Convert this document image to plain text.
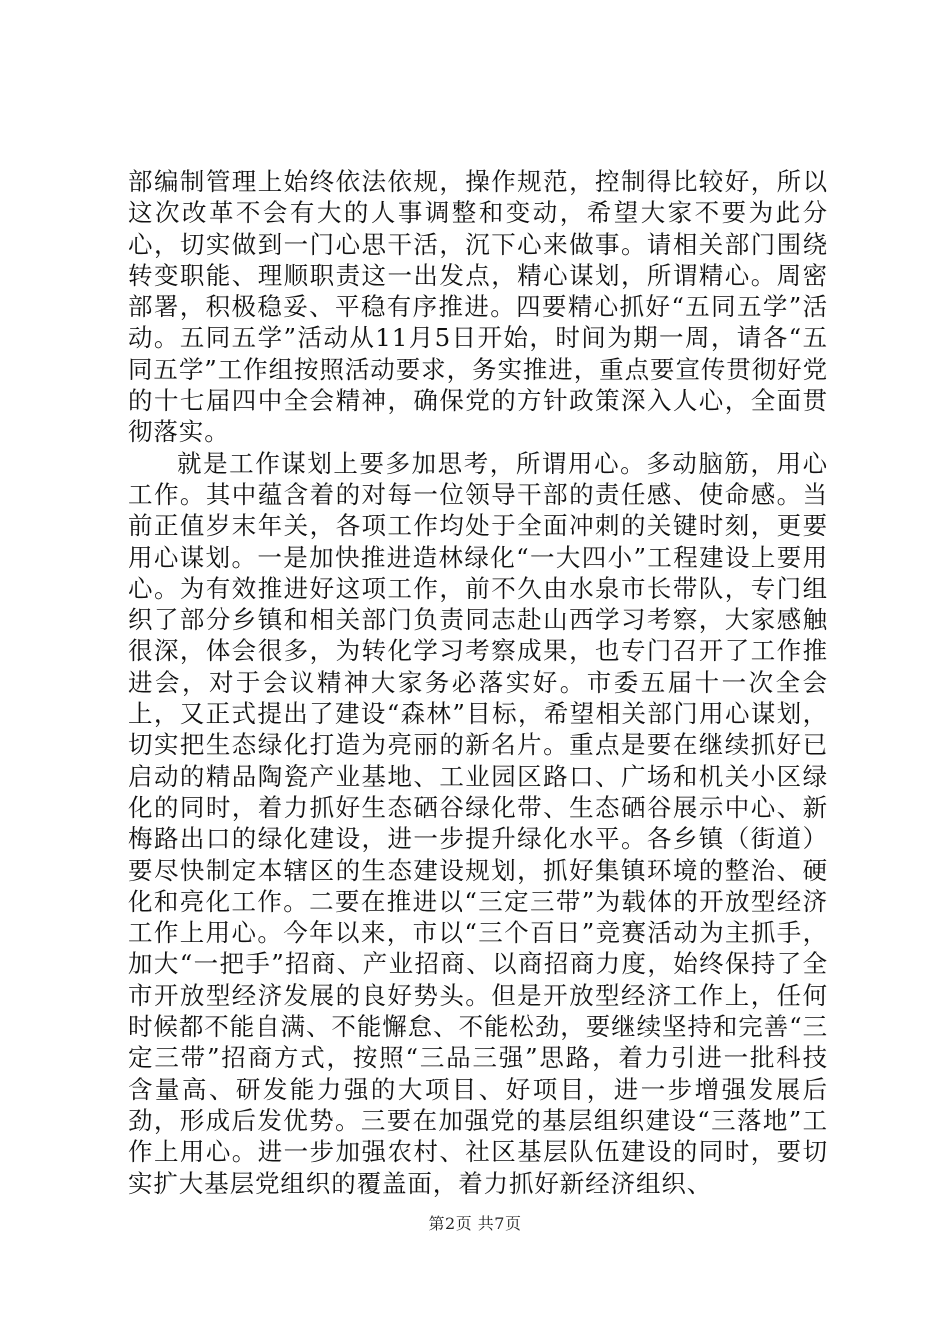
部编制管理上始终依法依规，操作规范，控制得比较好，所以这次改革不会有大的人事调整和变动，希望大家不要为此分心，切实做到一门心思干活，沉下心来做事。请相关部门围绕转变职能、理顺职责这一出发点，精心谋划，所谓精心。周密部署，积极稳妥、平稳有序推进。四要精心抓好“五同五学”活动。五同五学”活动从11月5日开始，时间为期一周，请各“五同五学”工作组按照活动要求，务实推进，重点要宣传贯彻好党的十七届四中全会精神，确保党的方针政策深入人心，全面贯彻落实。

就是工作谋划上要多加思考，所谓用心。多动脑筋，用心工作。其中蕴含着的对每一位领导干部的责任感、使命感。当前正值岁末年关，各项工作均处于全面冲刺的关键时刻，更要用心谋划。一是加快推进造林绿化“一大四小”工程建设上要用心。为有效推进好这项工作，前不久由水泉市长带队，专门组织了部分乡镇和相关部门负责同志赴山西学习考察，大家感触很深，体会很多，为转化学习考察成果，也专门召开了工作推进会，对于会议精神大家务必落实好。市委五届十一次全会上，又正式提出了建设“森林”目标，希望相关部门用心谋划，切实把生态绿化打造为亮丽的新名片。重点是要在继续抓好已启动的精品陶瓷产业基地、工业园区路口、广场和机关小区绿化的同时，着力抓好生态硒谷绿化带、生态硒谷展示中心、新梅路出口的绿化建设，进一步提升绿化水平。各乡镇（街道）要尽快制定本辖区的生态建设规划，抓好集镇环境的整治、硬化和亮化工作。二要在推进以“三定三带”为载体的开放型经济工作上用心。今年以来，市以“三个百日”竞赛活动为主抓手，加大“一把手”招商、产业招商、以商招商力度，始终保持了全市开放型经济发展的良好势头。但是开放型经济工作上，任何时候都不能自满、不能懈怠、不能松劲，要继续坚持和完善“三定三带”招商方式，按照“三品三强”思路，着力引进一批科技含量高、研发能力强的大项目、好项目，进一步增强发展后劲，形成后发优势。三要在加强党的基层组织建设“三落地”工作上用心。进一步加强农村、社区基层队伍建设的同时，要切实扩大基层党组织的覆盖面，着力抓好新经济组织、

第2页 共7页
